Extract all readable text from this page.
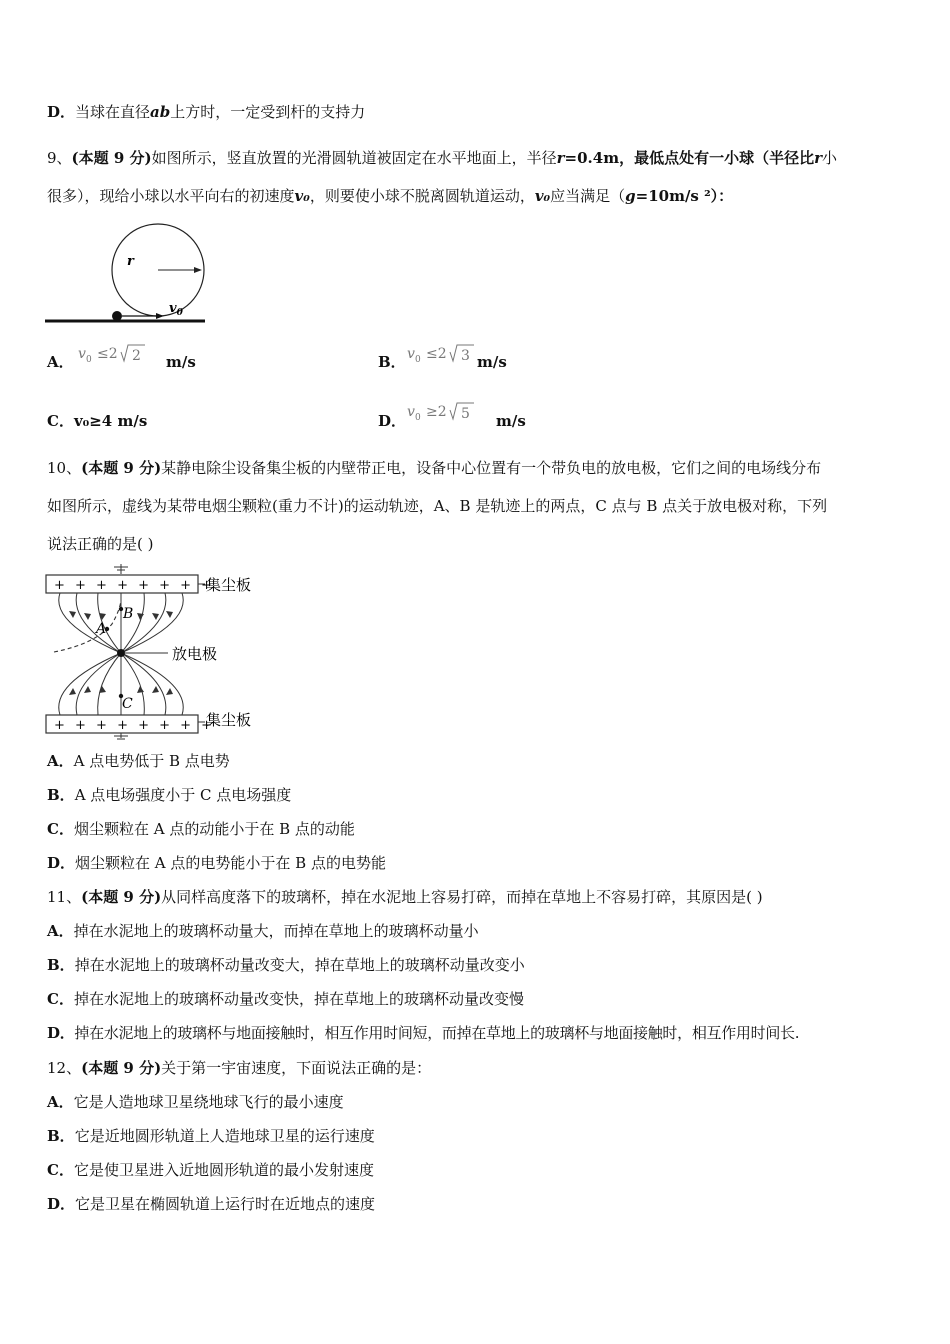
D．当球在直径ab上方时，一定受到杆的支持力
9、(本题 9 分)如图所示，竖直放置的光滑圆轨道被固定在水平地面上，半径r=0.4m，最低点处有一小球（半径比r小
很多），现给小球以水平向右的初速度v₀，则要使小球不脱离圆轨道运动，v₀应当满足（g=10m/s ²）：
r
$v_0$
A． v 0 ≤2 2 m/s	B． v 0 ≤2 3 m/s
C．v₀≥4 m/s	D． v 0 ≥2 5 m/s
10、(本题 9 分)某静电除尘设备集尘板的内壁带正电，设备中心位置有一个带负电的放电极，它们之间的电场线分布
如图所示，虚线为某带电烟尘颗粒(重力不计)的运动轨迹，A、B 是轨迹上的两点，C 点与 B 点关于放电极对称，下列
说法正确的是( )
+ + + + + + + +
集尘板
A
B
C
放电极
+ + + + + + + +
集尘板
A．A 点电势低于 B 点电势
B．A 点电场强度小于 C 点电场强度
C．烟尘颗粒在 A 点的动能小于在 B 点的动能
D．烟尘颗粒在 A 点的电势能小于在 B 点的电势能
11、(本题 9 分)从同样高度落下的玻璃杯，掉在水泥地上容易打碎，而掉在草地上不容易打碎，其原因是( )
A．掉在水泥地上的玻璃杯动量大，而掉在草地上的玻璃杯动量小
B．掉在水泥地上的玻璃杯动量改变大，掉在草地上的玻璃杯动量改变小
C．掉在水泥地上的玻璃杯动量改变快，掉在草地上的玻璃杯动量改变慢
D．掉在水泥地上的玻璃杯与地面接触时，相互作用时间短，而掉在草地上的玻璃杯与地面接触时，相互作用时间长.
12、(本题 9 分)关于第一宇宙速度，下面说法正确的是：
A．它是人造地球卫星绕地球飞行的最小速度
B．它是近地圆形轨道上人造地球卫星的运行速度
C．它是使卫星进入近地圆形轨道的最小发射速度
D．它是卫星在椭圆轨道上运行时在近地点的速度
